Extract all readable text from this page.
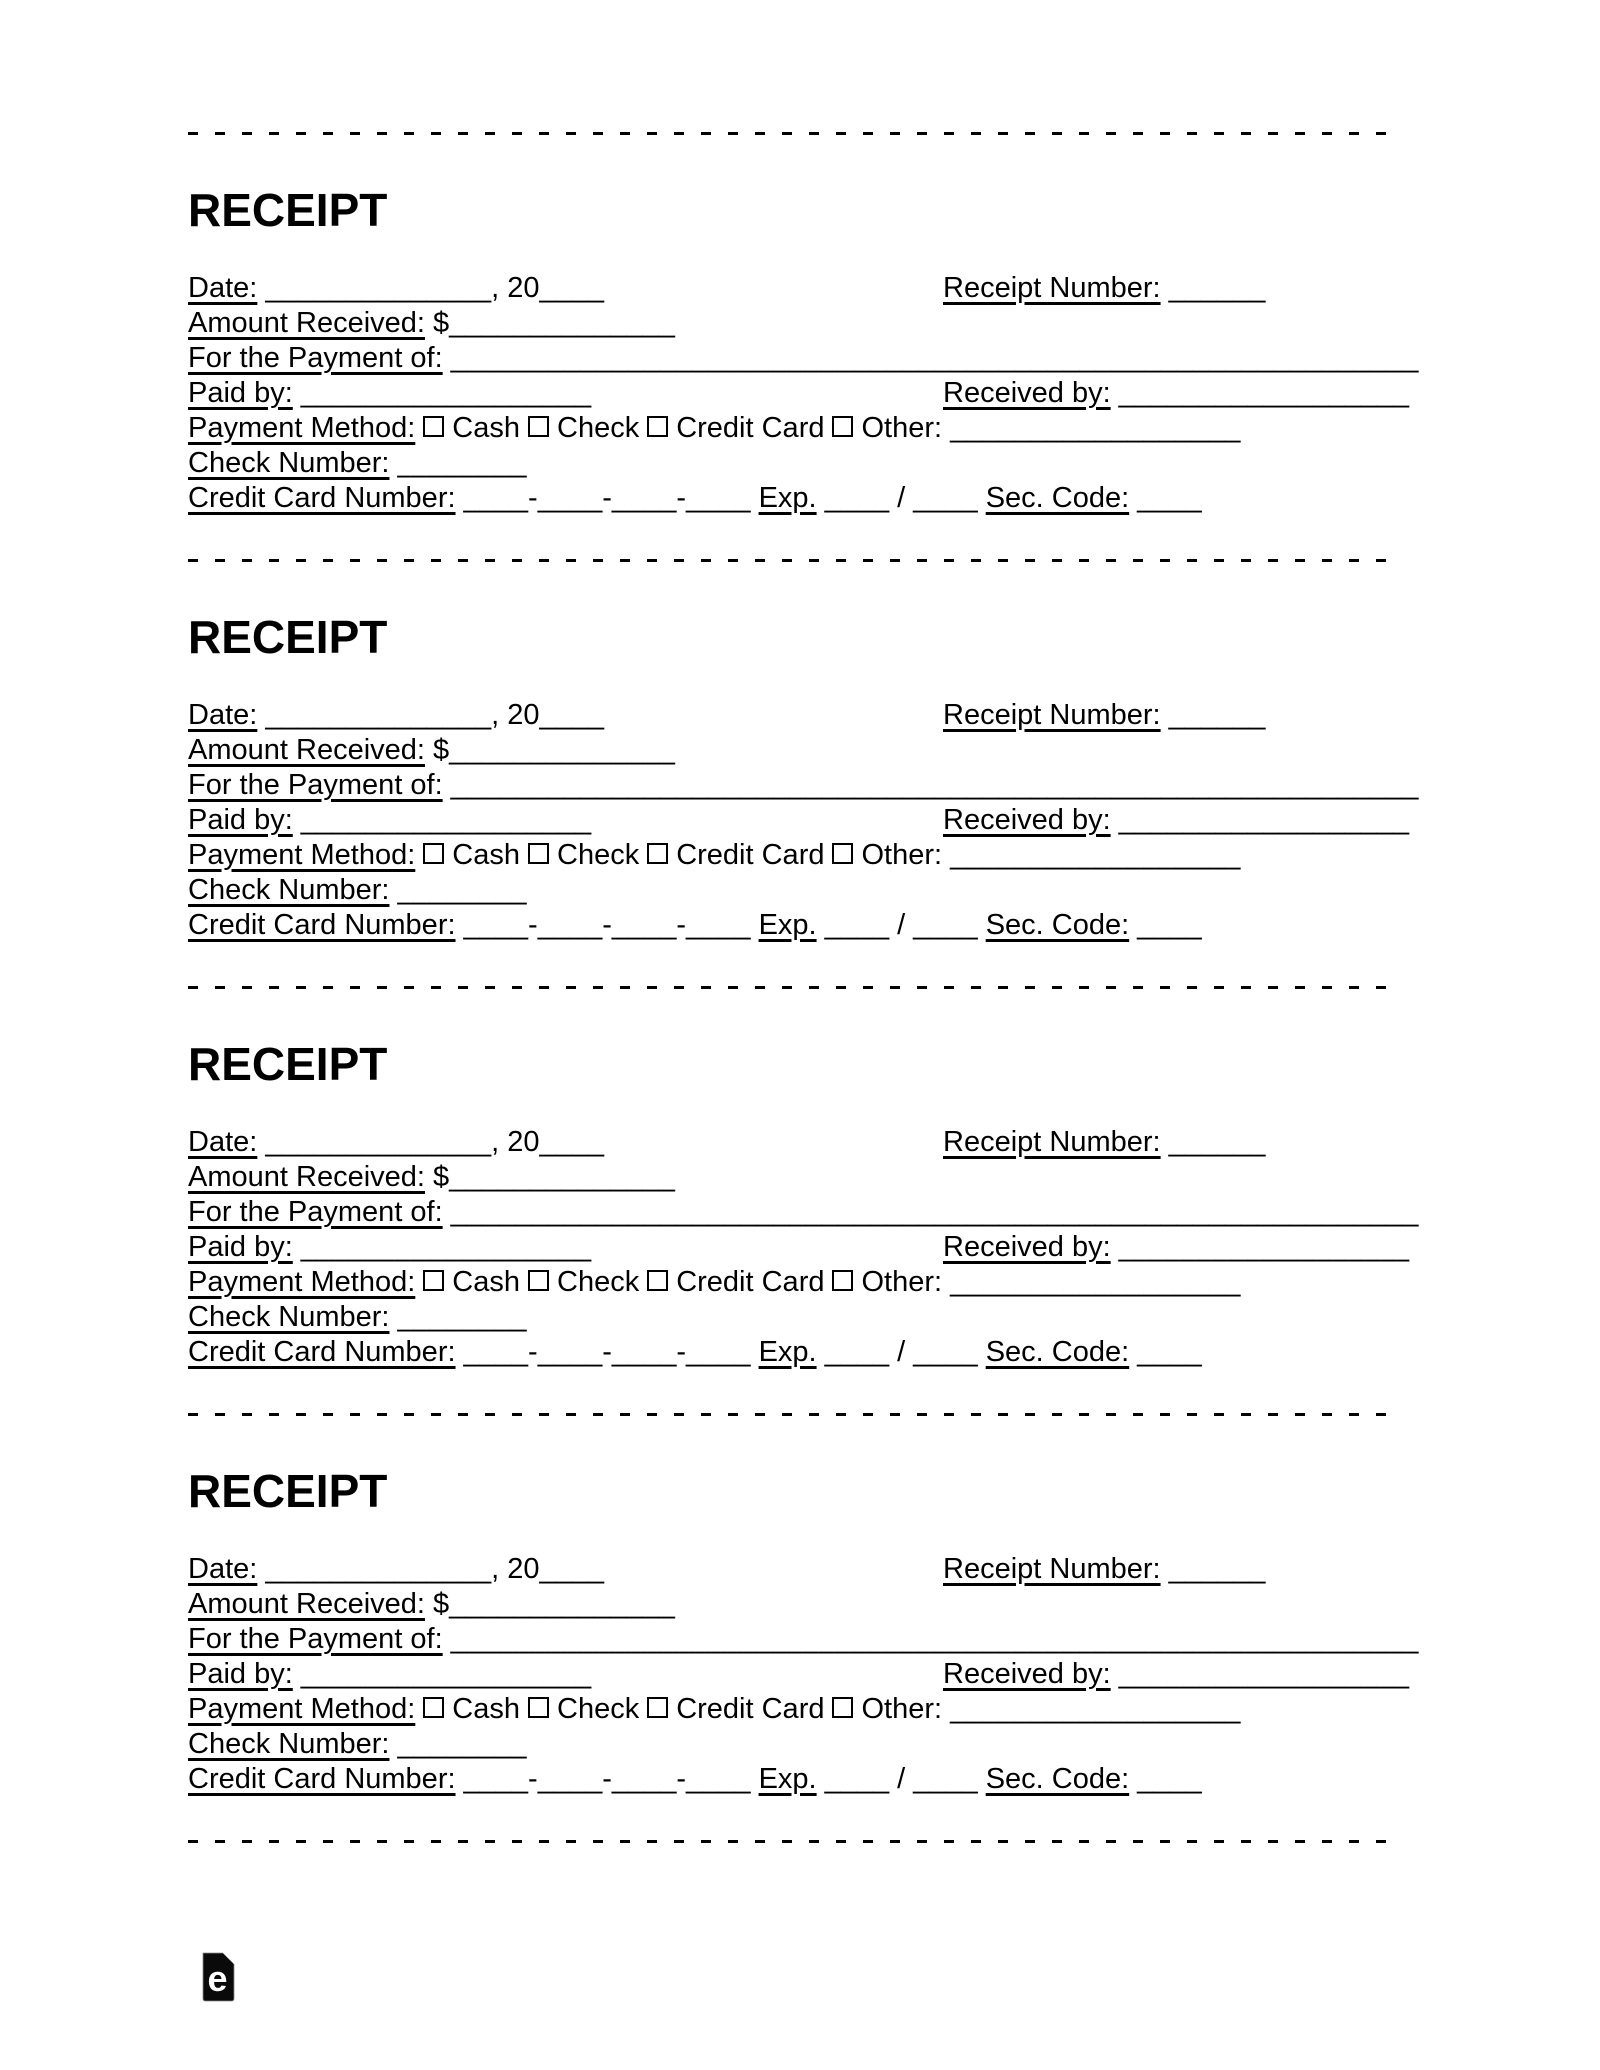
RECEIPT
Date: ______________, 20____	Receipt Number: ______
Amount Received: $______________
For the Payment of: ____________________________________________________________
Paid by: __________________	Received by: __________________
Payment Method: Cash Check Credit Card Other: __________________
Check Number: ________
Credit Card Number: ____-____-____-____ Exp. ____ / ____ Sec. Code: ____
RECEIPT
Date: ______________, 20____	Receipt Number: ______
Amount Received: $______________
For the Payment of: ____________________________________________________________
Paid by: __________________	Received by: __________________
Payment Method: Cash Check Credit Card Other: __________________
Check Number: ________
Credit Card Number: ____-____-____-____ Exp. ____ / ____ Sec. Code: ____
RECEIPT
Date: ______________, 20____	Receipt Number: ______
Amount Received: $______________
For the Payment of: ____________________________________________________________
Paid by: __________________	Received by: __________________
Payment Method: Cash Check Credit Card Other: __________________
Check Number: ________
Credit Card Number: ____-____-____-____ Exp. ____ / ____ Sec. Code: ____
RECEIPT
Date: ______________, 20____	Receipt Number: ______
Amount Received: $______________
For the Payment of: ____________________________________________________________
Paid by: __________________	Received by: __________________
Payment Method: Cash Check Credit Card Other: __________________
Check Number: ________
Credit Card Number: ____-____-____-____ Exp. ____ / ____ Sec. Code: ____
e
